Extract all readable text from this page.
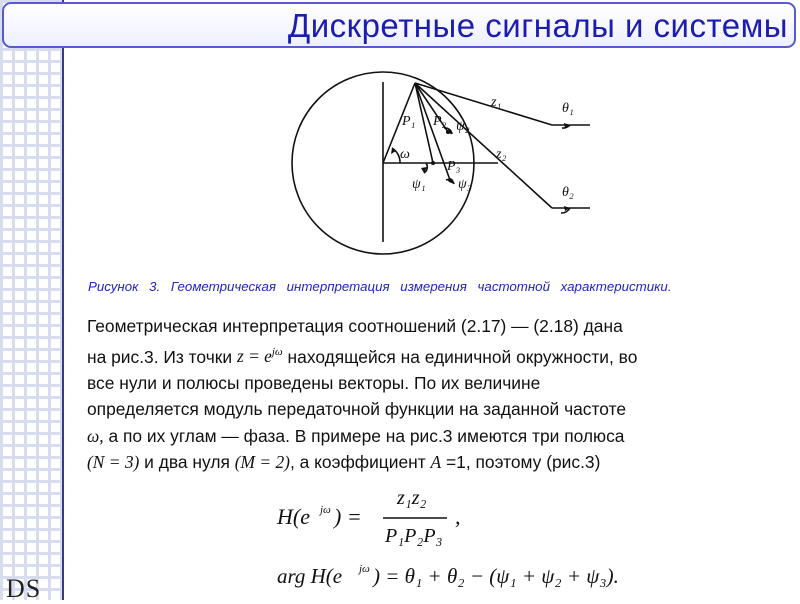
DS
Дискретные сигналы и системы
ω
P₁ P₂
P₃
ψ₁
ψ₂
ψ₃
z₁
z₂
θ₁
θ₂
Рисунок 3. Геометрическая интерпретация измерения частотной характеристики.
Геометрическая интерпретация соотношений (2.17) — (2.18) дана
на рис.3. Из точки $z = e^{j\omega}$ находящейся на единичной окружности, во
все нули и полюсы проведены векторы. По их величине
определяется модуль передаточной функции на заданной частоте
ω, а по их углам — фаза. В примере на рис.3 имеются три полюса
(N = 3) и два нуля (M = 2), а коэффициент A =1, поэтому (рис.3)
H(e jω ) =
z₁z₂
P₁P₂P₃
,
arg H(e jω ) = θ₁ + θ₂ − (ψ₁ + ψ₂ + ψ₃).
